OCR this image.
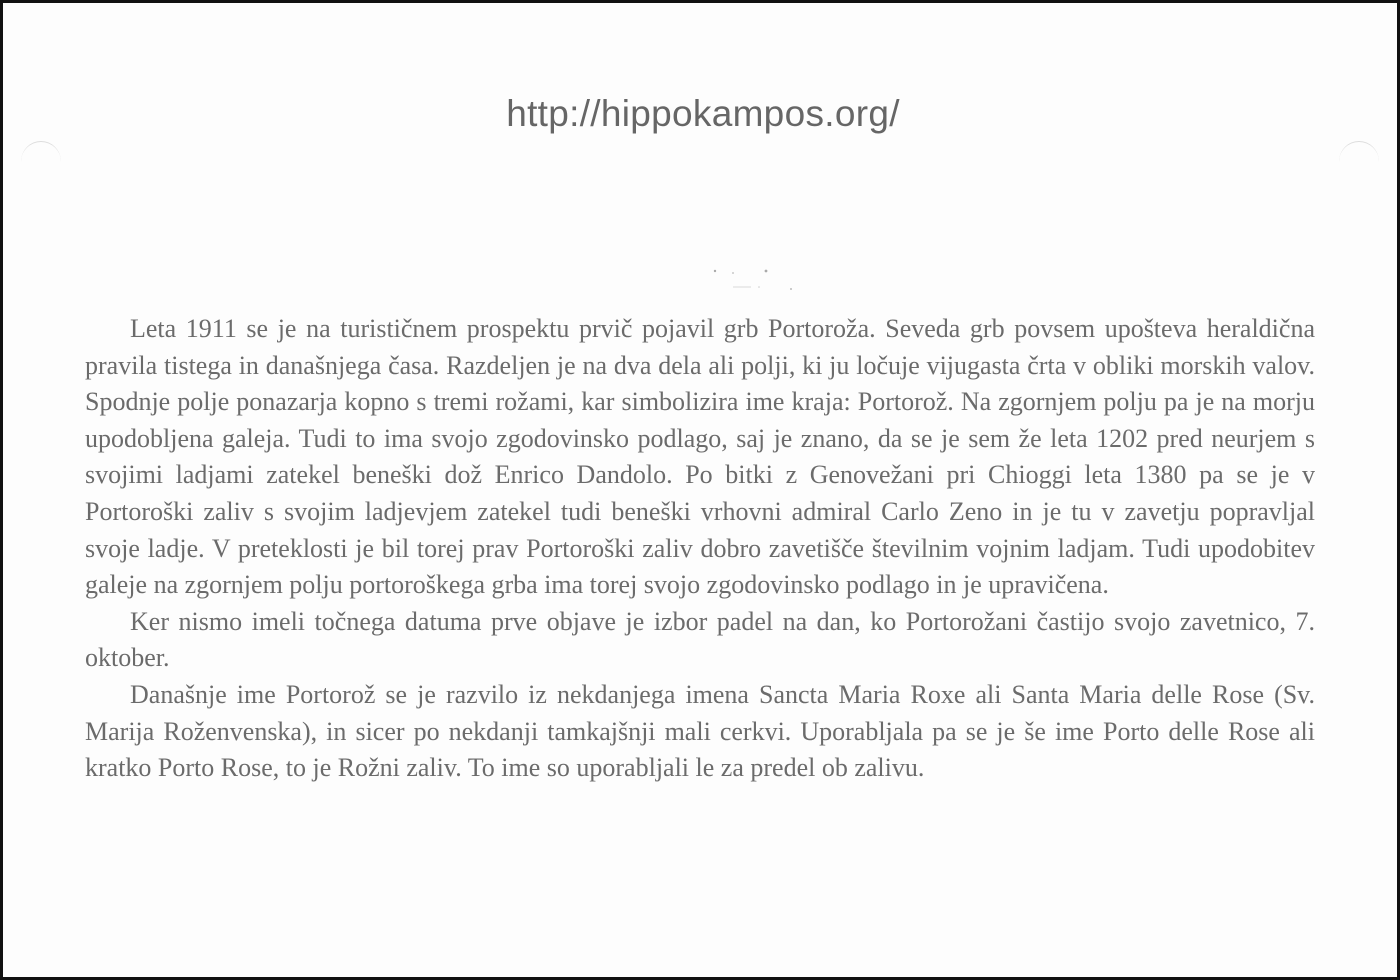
http://hippokampos.org/

Leta 1911 se je na turističnem prospektu prvič pojavil grb Portoroža. Seveda grb povsem upošteva heraldična pravila tistega in današnjega časa. Razdeljen je na dva dela ali polji, ki ju ločuje vijugasta črta v obliki morskih valov. Spodnje polje ponazarja kopno s tremi rožami, kar simbolizira ime kraja: Portorož. Na zgornjem polju pa je na morju upodobljena galeja. Tudi to ima svojo zgodovinsko podlago, saj je znano, da se je sem že leta 1202 pred neurjem s svojimi ladjami zatekel beneški dož Enrico Dandolo. Po bitki z Genovežani pri Chioggi leta 1380 pa se je v Portoroški zaliv s svojim ladjevjem zatekel tudi beneški vrhovni admiral Carlo Zeno in je tu v zavetju popravljal svoje ladje. V preteklosti je bil torej prav Portoroški zaliv dobro zavetišče številnim vojnim ladjam. Tudi upodobitev galeje na zgornjem polju portoroškega grba ima torej svojo zgodovinsko podlago in je upravičena.

Ker nismo imeli točnega datuma prve objave je izbor padel na dan, ko Portorožani častijo svojo zavetnico, 7. oktober.

Današnje ime Portorož se je razvilo iz nekdanjega imena Sancta Maria Roxe ali Santa Maria delle Rose (Sv. Marija Roženvenska), in sicer po nekdanji tamkajšnji mali cerkvi. Uporabljala pa se je še ime Porto delle Rose ali kratko Porto Rose, to je Rožni zaliv. To ime so uporabljali le za predel ob zalivu.
